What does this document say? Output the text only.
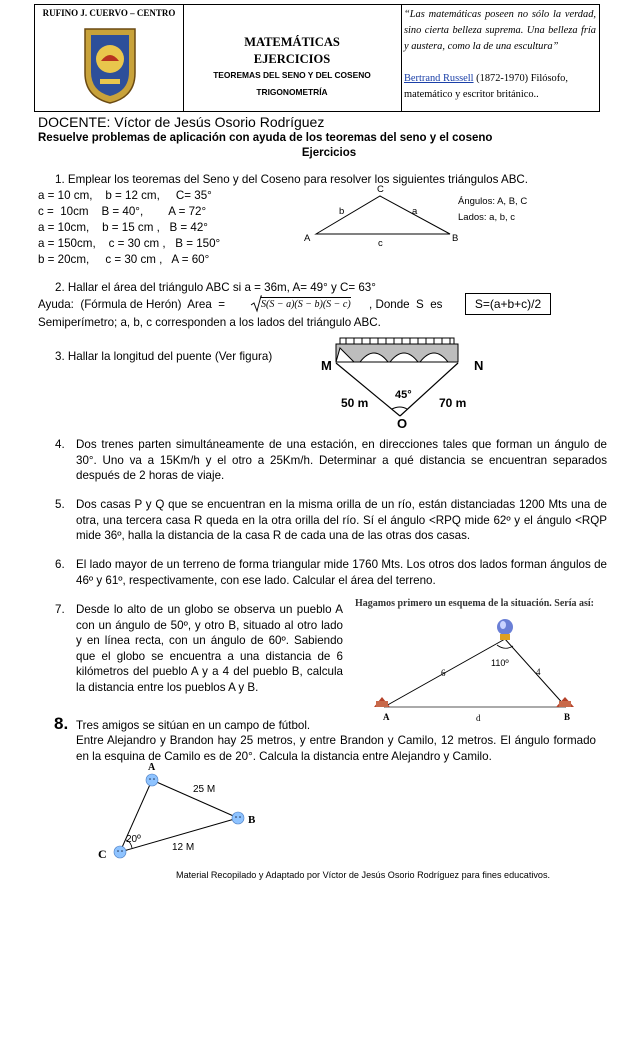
RUFINO J. CUERVO – CENTRO
MATEMÁTICAS
EJERCICIOS
TEOREMAS DEL SENO Y DEL COSENO
TRIGONOMETRÍA
“Las matemáticas poseen no sólo la verdad, sino cierta belleza suprema. Una belleza fría y austera, como la de una escultura”
Bertrand Russell (1872-1970) Filósofo,
matemático y escritor británico..
DOCENTE: Víctor de Jesús Osorio Rodríguez
Resuelve problemas de aplicación con ayuda de los teoremas del seno y el coseno
Ejercicios
1. Emplear los teoremas del Seno y del Coseno para resolver los siguientes triángulos ABC.
a = 10 cm,    b = 12 cm,     C= 35°
c =  10cm    B = 40°,        A = 72°
a = 10cm,    b = 15 cm ,   B = 42°
a = 150cm,    c = 30 cm ,   B = 150°
b = 20cm,     c = 30 cm ,   A = 60°
C
b	a
A	B
c
Ángulos: A, B, C
Lados: a, b, c
2. Hallar el área del triángulo ABC si a = 36m, A= 49° y C= 63°
Ayuda:  (Fórmula de Herón)  Area  =	S(S − a)(S − b)(S − c) , Donde  S  es	S=(a+b+c)/2
Semiperímetro; a, b, c corresponden a los lados del triángulo ABC.
3. Hallar la longitud del puente (Ver figura)
M	N
45°
50 m	70 m
O
4. Dos trenes parten simultáneamente de una estación, en direcciones tales que forman un ángulo de 30°. Uno va a 15Km/h y el otro a 25Km/h. Determinar a qué distancia se encuentran separados después de 2 horas de viaje.
5. Dos casas P y Q que se encuentran en la misma orilla de un río, están distanciadas 1200 Mts una de otra, una tercera casa R queda en la otra orilla del río. Sí el ángulo <RPQ mide 62º y el ángulo <RQP mide 36º, halla la distancia de la casa R de cada una de las otras dos casas.
6. El lado mayor de un terreno de forma triangular mide 1760 Mts. Los otros dos lados forman ángulos de 46º y 61º, respectivamente, con ese lado. Calcular el área del terreno.
7. Desde lo alto de un globo se observa un pueblo A con un ángulo de 50º, y otro B, situado al otro lado y en línea recta, con un ángulo de 60º. Sabiendo que el globo se encuentra a una distancia de 6 kilómetros del pueblo A y a 4 del pueblo B, calcula la distancia entre los pueblos A y B.
Hagamos primero un esquema de la situación. Sería así:
110º
6	4
A	d	B
8. Tres amigos se sitúan en un campo de fútbol.
Entre Alejandro y Brandon hay 25 metros, y entre Brandon y Camilo, 12 metros. El ángulo formado en la esquina de Camilo es de 20°. Calcula la distancia entre Alejandro y Camilo.
A
25 M
B
20º
12 M
C
Material Recopilado y Adaptado por Víctor de Jesús Osorio Rodríguez para fines educativos.
